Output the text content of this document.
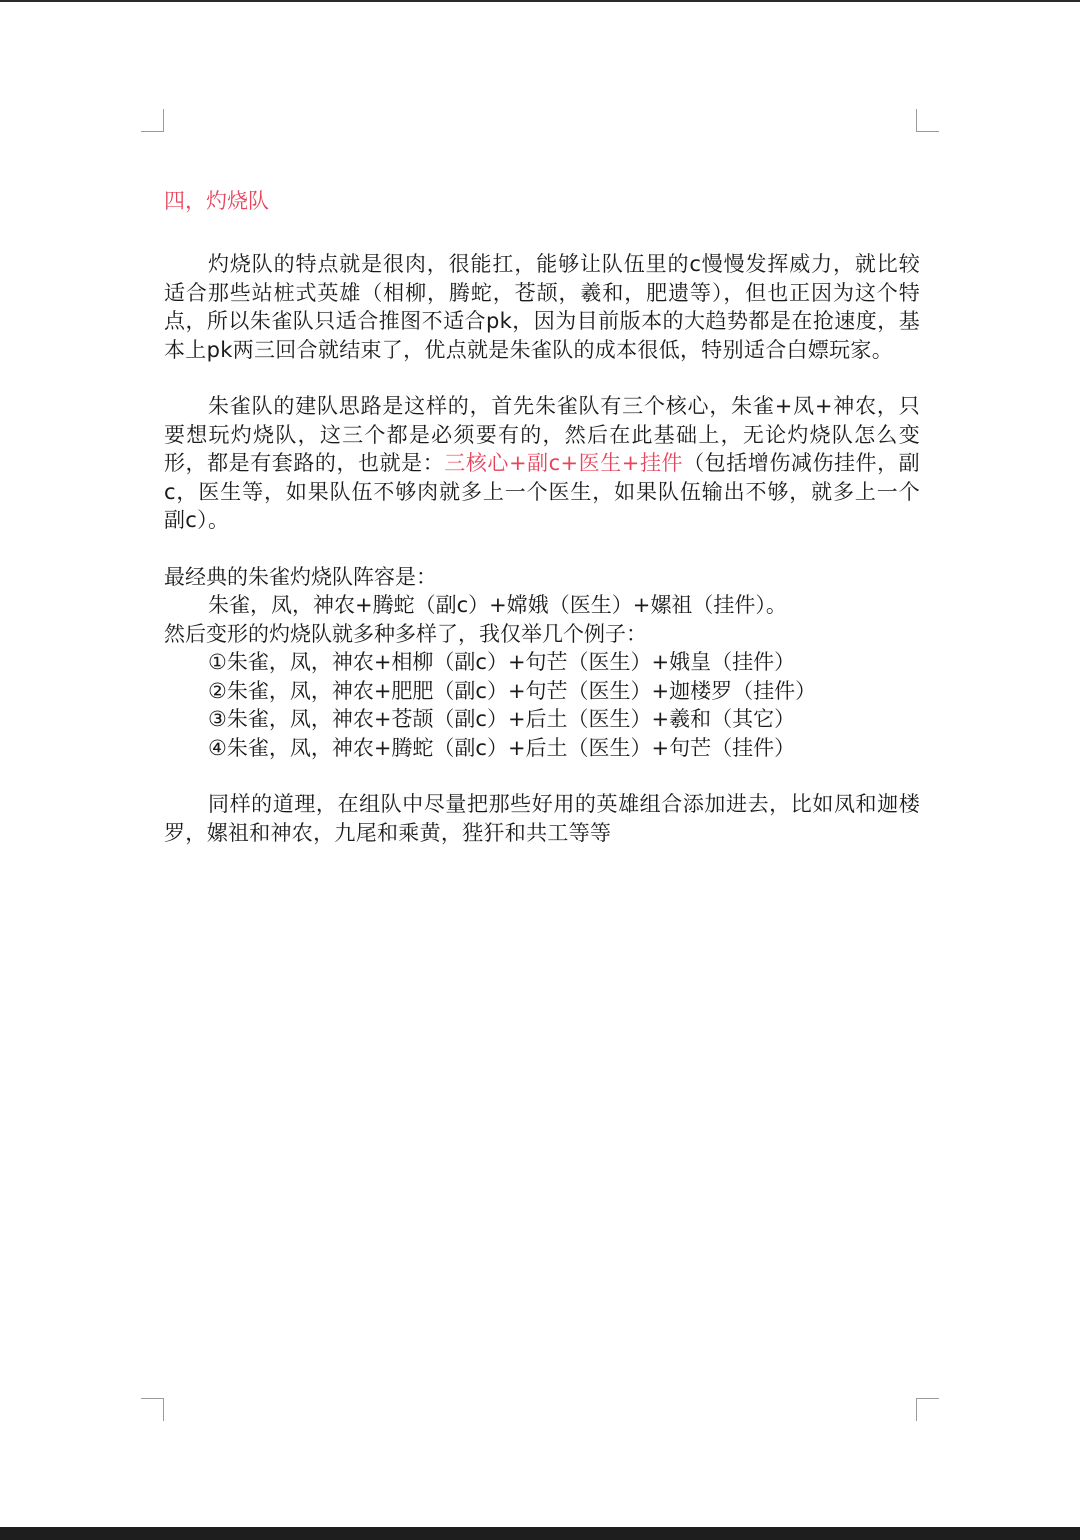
四，灼烧队

灼烧队的特点就是很肉，很能扛，能够让队伍里的c慢慢发挥威力，就比较适合那些站桩式英雄（相柳，腾蛇，苍颉，羲和，肥遗等），但也正因为这个特点，所以朱雀队只适合推图不适合pk，因为目前版本的大趋势都是在抢速度，基本上pk两三回合就结束了，优点就是朱雀队的成本很低，特别适合白嫖玩家。

朱雀队的建队思路是这样的，首先朱雀队有三个核心，朱雀+凤+神农，只要想玩灼烧队，这三个都是必须要有的，然后在此基础上，无论灼烧队怎么变形，都是有套路的，也就是：三核心+副c+医生+挂件（包括增伤减伤挂件，副c，医生等，如果队伍不够肉就多上一个医生，如果队伍输出不够，就多上一个副c）。

最经典的朱雀灼烧队阵容是：

朱雀，凤，神农+腾蛇（副c）+嫦娥（医生）+嫘祖（挂件）。

然后变形的灼烧队就多种多样了，我仅举几个例子：

①朱雀，凤，神农+相柳（副c）+句芒（医生）+娥皇（挂件）

②朱雀，凤，神农+肥肥（副c）+句芒（医生）+迦楼罗（挂件）

③朱雀，凤，神农+苍颉（副c）+后土（医生）+羲和（其它）

④朱雀，凤，神农+腾蛇（副c）+后土（医生）+句芒（挂件）

同样的道理，在组队中尽量把那些好用的英雄组合添加进去，比如凤和迦楼罗，嫘祖和神农，九尾和乘黄，狴犴和共工等等
